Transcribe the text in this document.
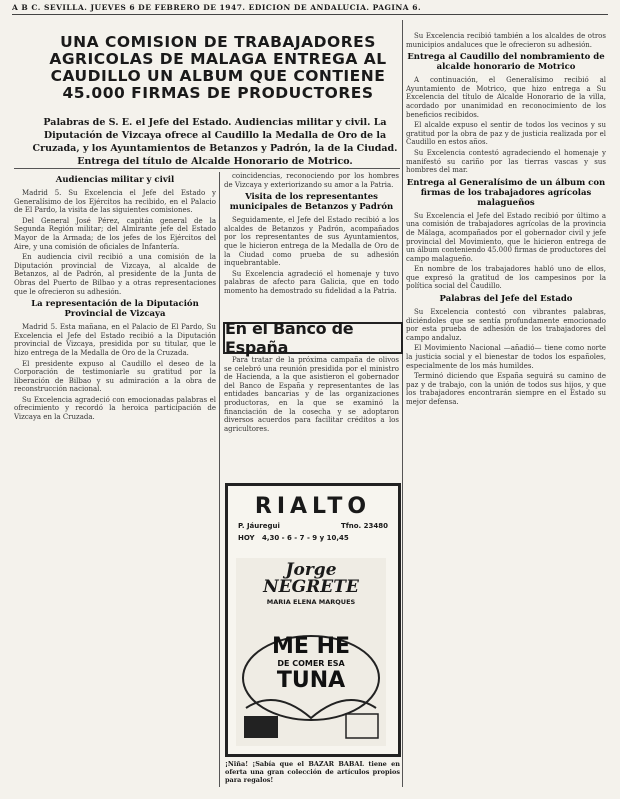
A B C. SEVILLA. JUEVES 6 DE FEBRERO DE 1947. EDICION DE ANDALUCIA. PAGINA 6.
UNA COMISION DE TRABAJADORES AGRICOLAS DE MALAGA ENTREGA AL CAUDILLO UN ALBUM QUE CONTIENE 45.000 FIRMAS DE PRODUCTORES
Palabras de S. E. el Jefe del Estado. Audiencias militar y civil. La Diputación de Vizcaya ofrece al Caudillo la Medalla de Oro de la Cruzada, y los Ayuntamientos de Betanzos y Padrón, la de la Ciudad. Entrega del título de Alcalde Honorario de Motrico.
Audiencias militar y civil

Madrid 5. Su Excelencia el Jefe del Estado y Generalísimo de los Ejércitos ha recibido, en el Palacio de El Pardo, la visita de las siguientes comisiones.

Del General José Pérez, capitán general de la Segunda Región militar; del Almirante jefe del Estado Mayor de la Armada; de los jefes de los Ejércitos del Aire, y una comisión de oficiales de Infantería.

En audiencia civil recibió a una comisión de la Diputación provincial de Vizcaya, al alcalde de Betanzos, al de Padrón, al presidente de la Junta de Obras del Puerto de Bilbao y a otras representaciones que le ofrecieron su adhesión.

La representación de la Diputación Provincial de Vizcaya

Madrid 5. Esta mañana, en el Palacio de El Pardo, Su Excelencia el Jefe del Estado recibió a la Diputación provincial de Vizcaya, presidida por su titular, que le hizo entrega de la Medalla de Oro de la Cruzada.

El presidente expuso al Caudillo el deseo de la Corporación de testimoniarle su gratitud por la liberación de Bilbao y su admiración a la obra de reconstrucción nacional.

Su Excelencia agradeció con emocionadas palabras el ofrecimiento y recordó la heroica participación de Vizcaya en la Cruzada.

coincidencias, reconociendo por los hombres de Vizcaya y exteriorizando su amor a la Patria.

Visita de los representantes municipales de Betanzos y Padrón

Seguidamente, el Jefe del Estado recibió a los alcaldes de Betanzos y Padrón, acompañados por los representantes de sus Ayuntamientos, que le hicieron entrega de la Medalla de Oro de la Ciudad como prueba de su adhesión inquebrantable.

Su Excelencia agradeció el homenaje y tuvo palabras de afecto para Galicia, que en todo momento ha demostrado su fidelidad a la Patria.

En el Banco de España

Para tratar de la próxima campaña de olivos se celebró una reunión presidida por el ministro de Hacienda, a la que asistieron el gobernador del Banco de España y representantes de las entidades bancarias y de las organizaciones productoras, en la que se examinó la financiación de la cosecha y se adoptaron diversos acuerdos para facilitar créditos a los agricultores.

RIALTO
P. Jáuregui	Tfno. 23480
HOY 4,30 - 6 - 7 - 9 y 10,45
Jorge NEGRETE
MARIA ELENA MARQUES
ME HE
DE COMER ESA
TUNA
¡Niña! ¡Sabía que el BAZAR BABAL tiene en oferta una gran colección de artículos propios para regalos!

Su Excelencia recibió también a los alcaldes de otros municipios andaluces que le ofrecieron su adhesión.

Entrega al Caudillo del nombramiento de alcalde honorario de Motrico

A continuación, el Generalísimo recibió al Ayuntamiento de Motrico, que hizo entrega a Su Excelencia del título de Alcalde Honorario de la villa, acordado por unanimidad en reconocimiento de los beneficios recibidos.

El alcalde expuso el sentir de todos los vecinos y su gratitud por la obra de paz y de justicia realizada por el Caudillo en estos años.

Su Excelencia contestó agradeciendo el homenaje y manifestó su cariño por las tierras vascas y sus hombres del mar.

Entrega al Generalísimo de un álbum con firmas de los trabajadores agrícolas malagueños

Su Excelencia el Jefe del Estado recibió por último a una comisión de trabajadores agrícolas de la provincia de Málaga, acompañados por el gobernador civil y jefe provincial del Movimiento, que le hicieron entrega de un álbum conteniendo 45.000 firmas de productores del campo malagueño.

En nombre de los trabajadores habló uno de ellos, que expresó la gratitud de los campesinos por la política social del Caudillo.

Palabras del Jefe del Estado

Su Excelencia contestó con vibrantes palabras, diciéndoles que se sentía profundamente emocionado por esta prueba de adhesión de los trabajadores del campo andaluz.

El Movimiento Nacional —añadió— tiene como norte la justicia social y el bienestar de todos los españoles, especialmente de los más humildes.

Terminó diciendo que España seguirá su camino de paz y de trabajo, con la unión de todos sus hijos, y que los trabajadores encontrarán siempre en el Estado su mejor defensa.
